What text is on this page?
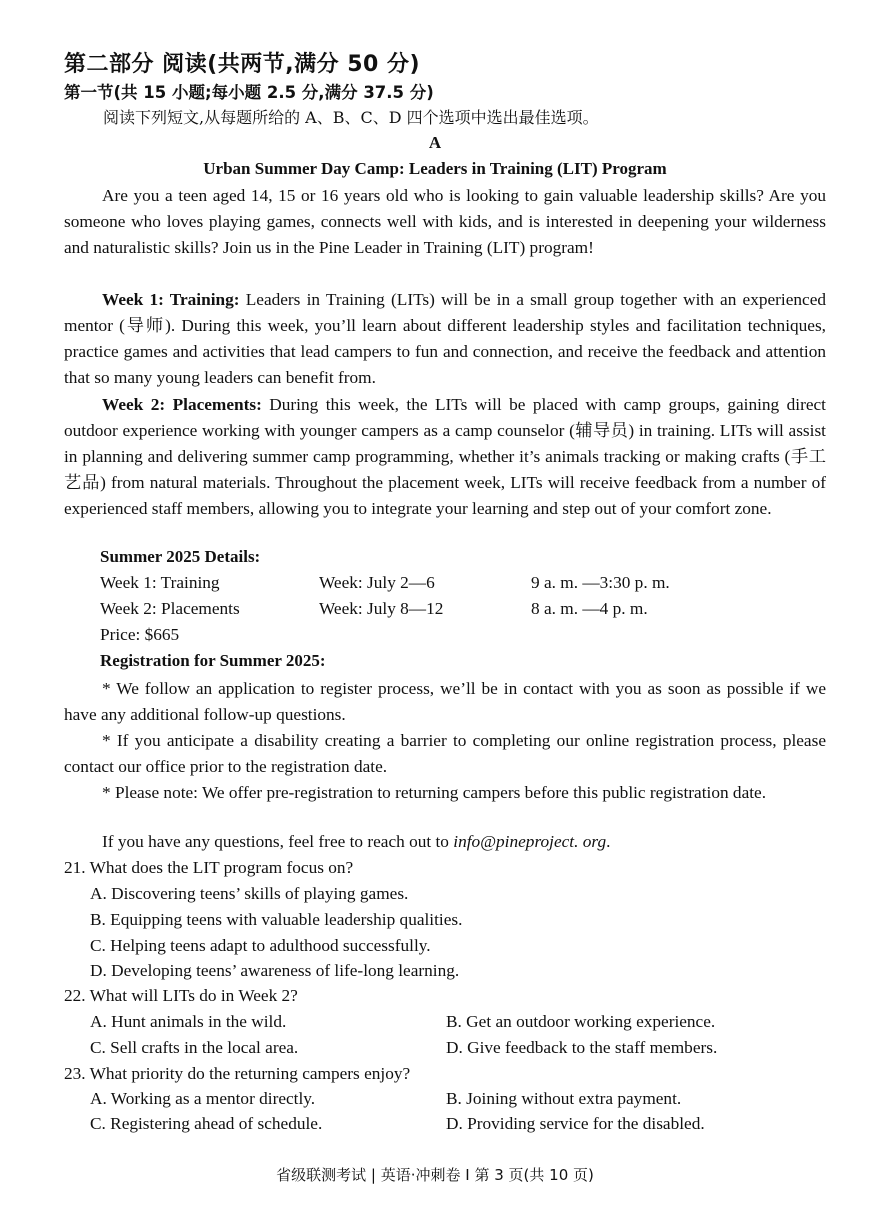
第二部分 阅读(共两节,满分 50 分)
第一节(共 15 小题;每小题 2.5 分,满分 37.5 分)
阅读下列短文,从每题所给的 A、B、C、D 四个选项中选出最佳选项。
A
Urban Summer Day Camp: Leaders in Training (LIT) Program
Are you a teen aged 14, 15 or 16 years old who is looking to gain valuable leadership skills? Are you someone who loves playing games, connects well with kids, and is interested in deepening your wilderness and naturalistic skills? Join us in the Pine Leader in Training (LIT) program!
Week 1: Training: Leaders in Training (LITs) will be in a small group together with an experienced mentor (导师). During this week, you’ll learn about different leadership styles and facilitation techniques, practice games and activities that lead campers to fun and connection, and receive the feedback and attention that so many young leaders can benefit from.
Week 2: Placements: During this week, the LITs will be placed with camp groups, gaining direct outdoor experience working with younger campers as a camp counselor (辅导员) in training. LITs will assist in planning and delivering summer camp programming, whether it’s animals tracking or making crafts (手工艺品) from natural materials. Throughout the placement week, LITs will receive feedback from a number of experienced staff members, allowing you to integrate your learning and step out of your comfort zone.
Summer 2025 Details:
Week 1: Training	Week: July 2—6	9 a. m. —3:30 p. m.
Week 2: Placements	Week: July 8—12	8 a. m. —4 p. m.
Price: $665
Registration for Summer 2025:
* We follow an application to register process, we’ll be in contact with you as soon as possible if we have any additional follow-up questions.
* If you anticipate a disability creating a barrier to completing our online registration process, please contact our office prior to the registration date.
* Please note: We offer pre-registration to returning campers before this public registration date.
If you have any questions, feel free to reach out to info@pineproject. org.
21. What does the LIT program focus on?
A. Discovering teens’ skills of playing games.
B. Equipping teens with valuable leadership qualities.
C. Helping teens adapt to adulthood successfully.
D. Developing teens’ awareness of life-long learning.
22. What will LITs do in Week 2?
A. Hunt animals in the wild.	B. Get an outdoor working experience.
C. Sell crafts in the local area.	D. Give feedback to the staff members.
23. What priority do the returning campers enjoy?
A. Working as a mentor directly.	B. Joining without extra payment.
C. Registering ahead of schedule.	D. Providing service for the disabled.
省级联测考试 | 英语·冲刺卷 I 第 3 页(共 10 页)
